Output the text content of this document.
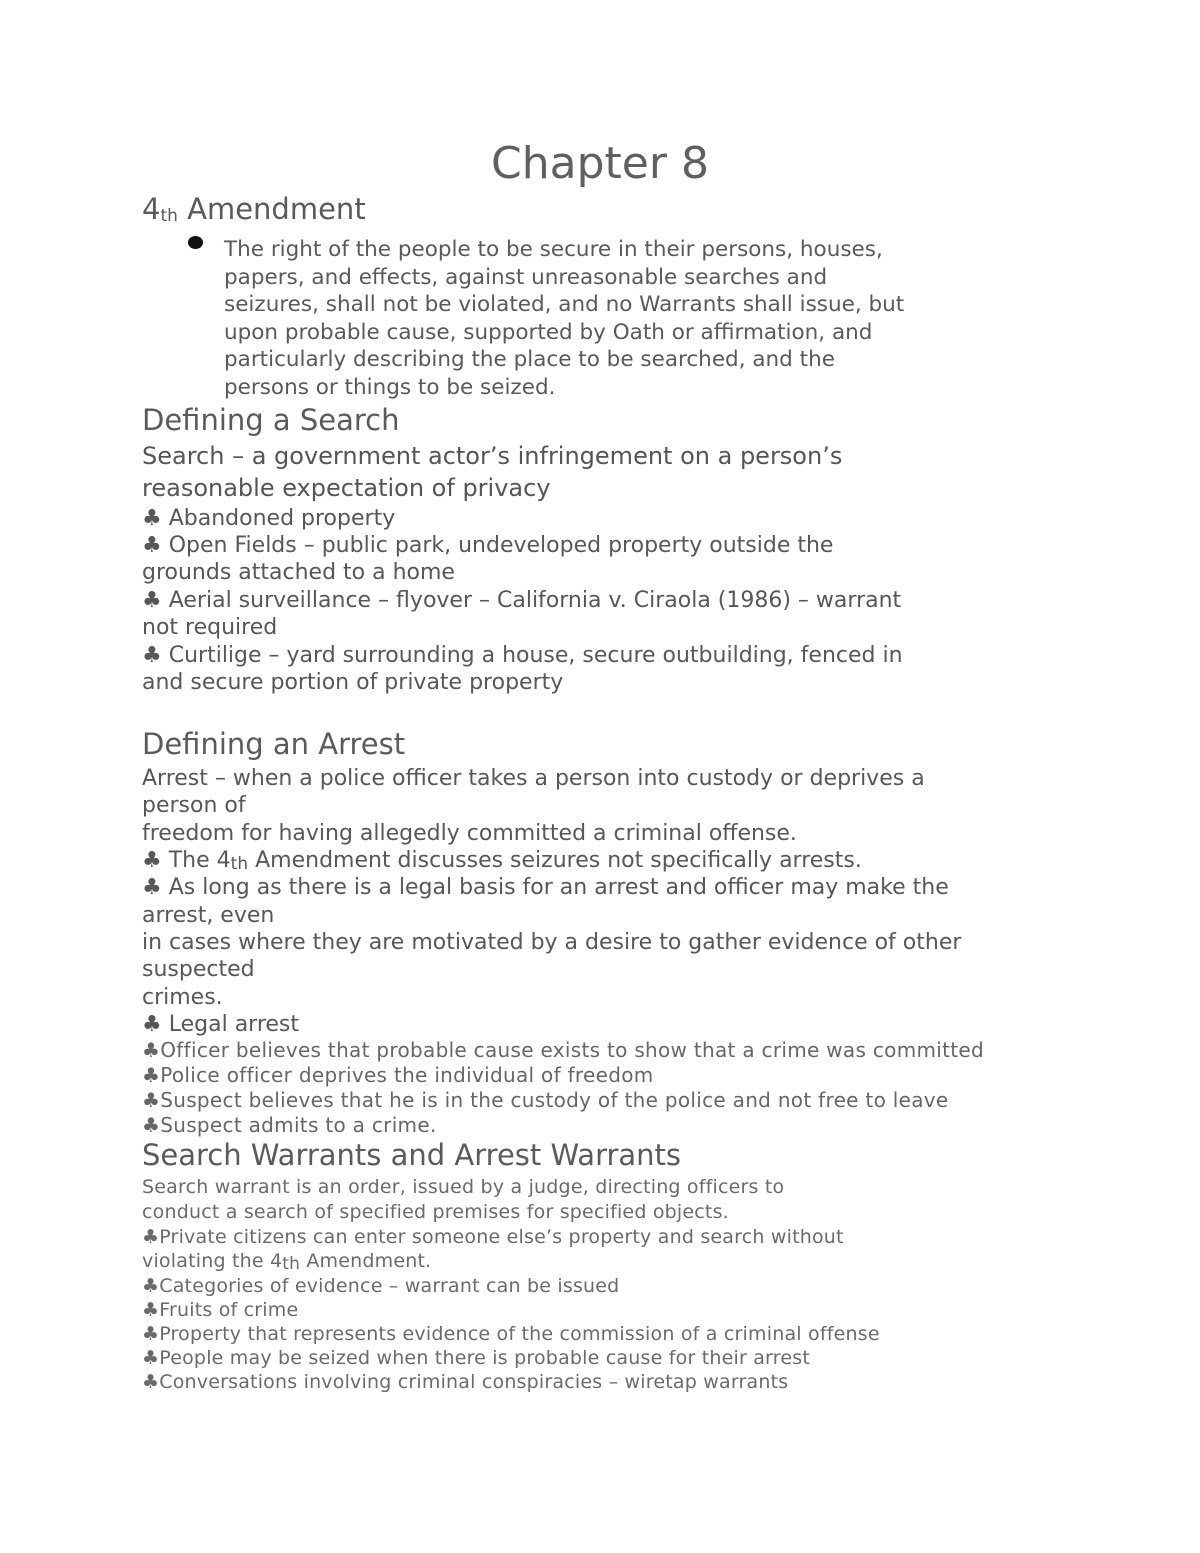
Chapter 8
4th Amendment
The right of the people to be secure in their persons, houses,
papers, and effects, against unreasonable searches and
seizures, shall not be violated, and no Warrants shall issue, but
upon probable cause, supported by Oath or affirmation, and
particularly describing the place to be searched, and the
persons or things to be seized.
Defining a Search
Search – a government actor’s infringement on a person’s
reasonable expectation of privacy
♣ Abandoned property
♣ Open Fields – public park, undeveloped property outside the
grounds attached to a home
♣ Aerial surveillance – flyover – California v. Ciraola (1986) – warrant
not required
♣ Curtilige – yard surrounding a house, secure outbuilding, fenced in
and secure portion of private property
Defining an Arrest
Arrest – when a police officer takes a person into custody or deprives a
person of
freedom for having allegedly committed a criminal offense.
♣ The 4th Amendment discusses seizures not specifically arrests.
♣ As long as there is a legal basis for an arrest and officer may make the
arrest, even
in cases where they are motivated by a desire to gather evidence of other
suspected
crimes.
♣ Legal arrest
♣Officer believes that probable cause exists to show that a crime was committed
♣Police officer deprives the individual of freedom
♣Suspect believes that he is in the custody of the police and not free to leave
♣Suspect admits to a crime.
Search Warrants and Arrest Warrants
Search warrant is an order, issued by a judge, directing officers to
conduct a search of specified premises for specified objects.
♣Private citizens can enter someone else’s property and search without
violating the 4th Amendment.
♣Categories of evidence – warrant can be issued
♣Fruits of crime
♣Property that represents evidence of the commission of a criminal offense
♣People may be seized when there is probable cause for their arrest
♣Conversations involving criminal conspiracies – wiretap warrants
